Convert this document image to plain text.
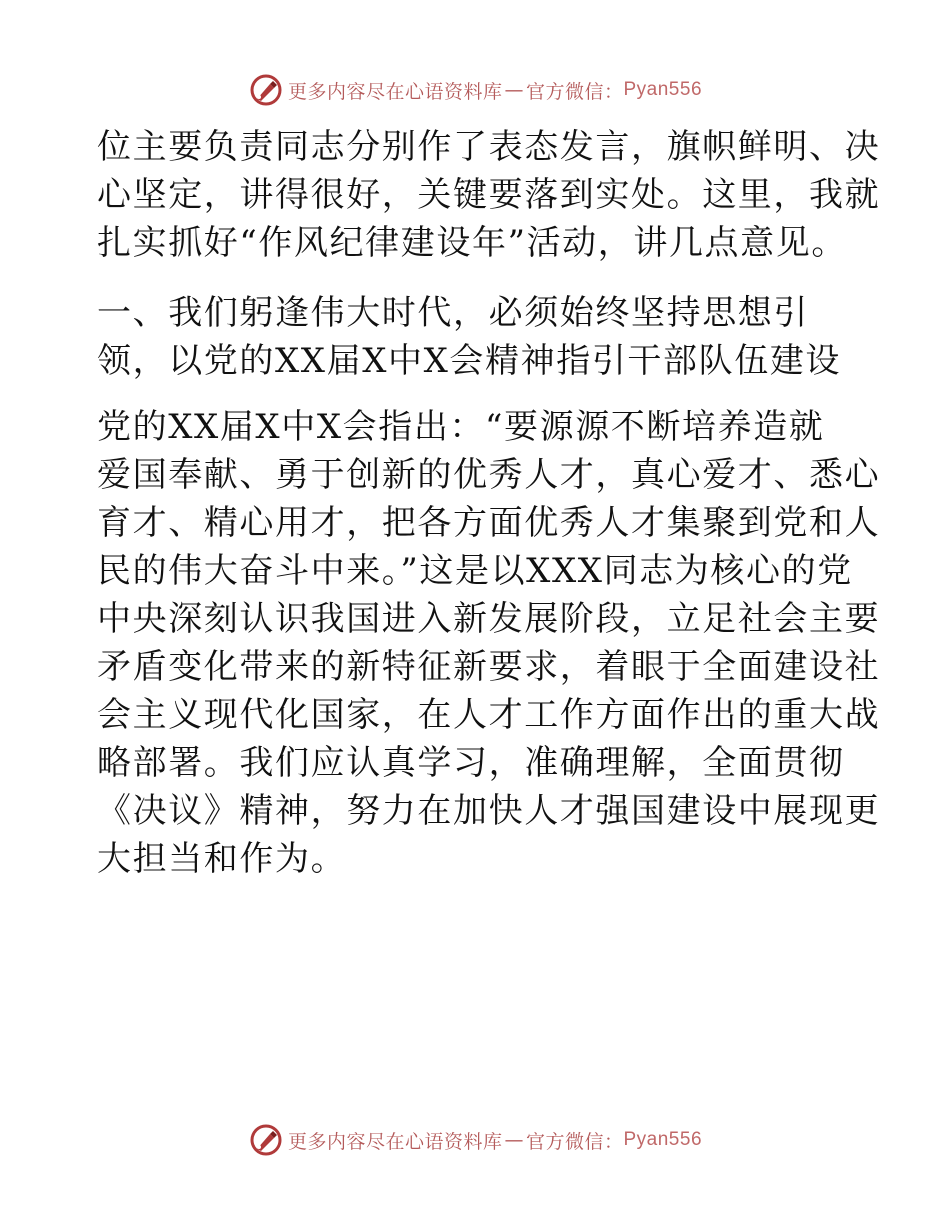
更多内容尽在心语资料库 — 官方微信： Pyan556
位主要负责同志分别作了表态发言，旗帜鲜明、决
心坚定，讲得很好，关键要落到实处。这里，我就
扎实抓好“作风纪律建设年”活动，讲几点意见。
一、我们躬逢伟大时代，必须始终坚持思想引
领，以党的XX届X中X会精神指引干部队伍建设
党的XX届X中X会指出：“要源源不断培养造就
爱国奉献、勇于创新的优秀人才，真心爱才、悉心
育才、精心用才，把各方面优秀人才集聚到党和人
民的伟大奋斗中来。”这是以XXX同志为核心的党
中央深刻认识我国进入新发展阶段，立足社会主要
矛盾变化带来的新特征新要求，着眼于全面建设社
会主义现代化国家，在人才工作方面作出的重大战
略部署。我们应认真学习，准确理解，全面贯彻
《决议》精神，努力在加快人才强国建设中展现更
大担当和作为。
更多内容尽在心语资料库 — 官方微信： Pyan556
